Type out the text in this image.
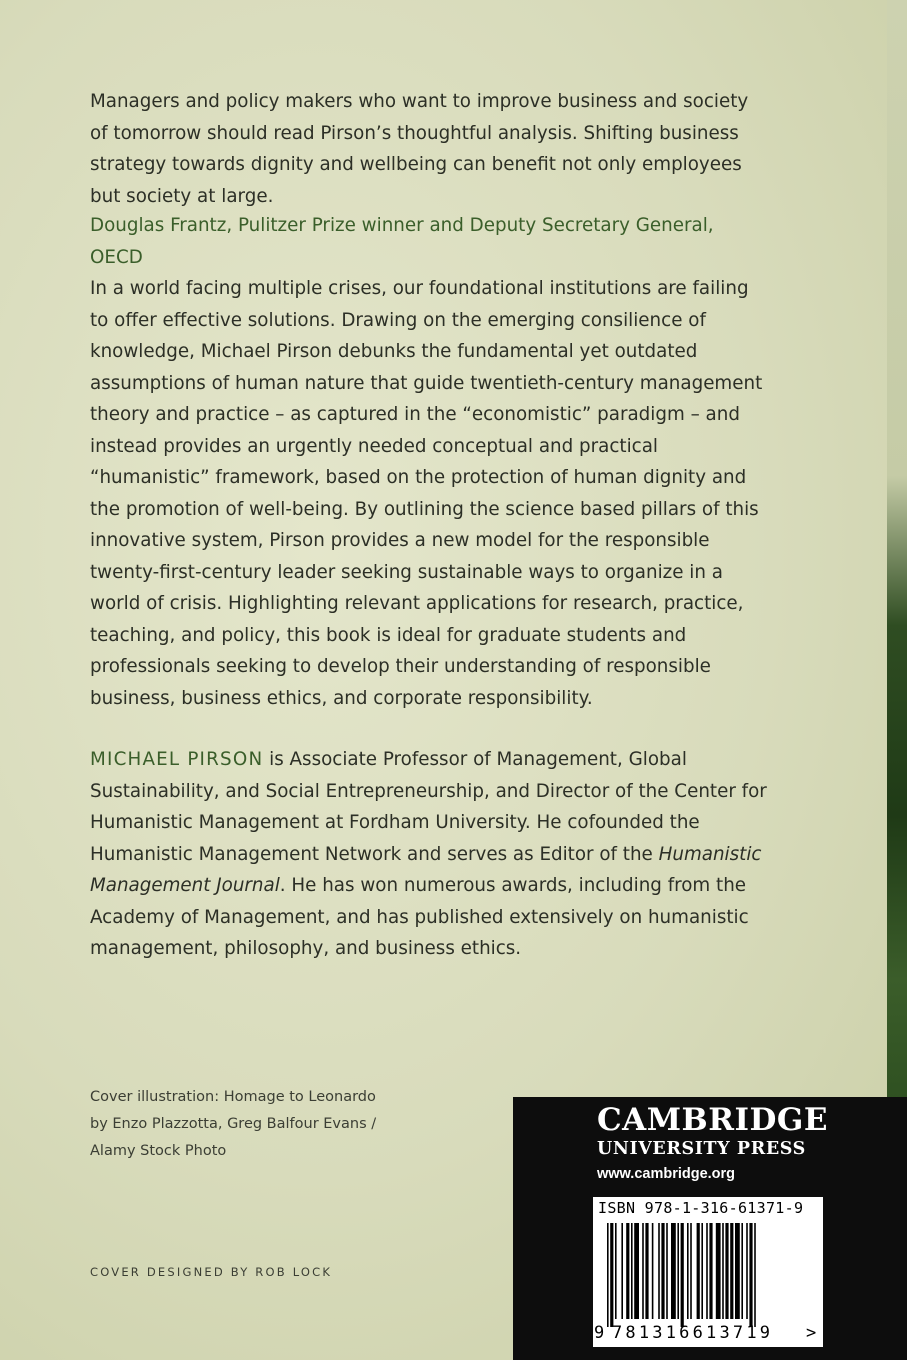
Managers and policy makers who want to improve business and society of tomorrow should read Pirson’s thoughtful analysis. Shifting business strategy towards dignity and wellbeing can benefit not only employees but society at large.
Douglas Frantz, Pulitzer Prize winner and Deputy Secretary General, OECD
In a world facing multiple crises, our foundational institutions are failing to offer effective solutions. Drawing on the emerging consilience of knowledge, Michael Pirson debunks the fundamental yet outdated assumptions of human nature that guide twentieth-century management theory and practice – as captured in the “economistic” paradigm – and instead provides an urgently needed conceptual and practical “humanistic” framework, based on the protection of human dignity and the promotion of well-being. By outlining the science based pillars of this innovative system, Pirson provides a new model for the responsible twenty-first-century leader seeking sustainable ways to organize in a world of crisis. Highlighting relevant applications for research, practice, teaching, and policy, this book is ideal for graduate students and professionals seeking to develop their understanding of responsible business, business ethics, and corporate responsibility.
MICHAEL PIRSON is Associate Professor of Management, Global Sustainability, and Social Entrepreneurship, and Director of the Center for Humanistic Management at Fordham University. He cofounded the Humanistic Management Network and serves as Editor of the Humanistic Management Journal. He has won numerous awards, including from the Academy of Management, and has published extensively on humanistic management, philosophy, and business ethics.
Cover illustration: Homage to Leonardo
by Enzo Plazzotta, Greg Balfour Evans /
Alamy Stock Photo
COVER DESIGNED BY ROB LOCK
CAMBRIDGE
UNIVERSITY PRESS
www.cambridge.org
ISBN 978-1-316-61371-9
9 781316613719	>
